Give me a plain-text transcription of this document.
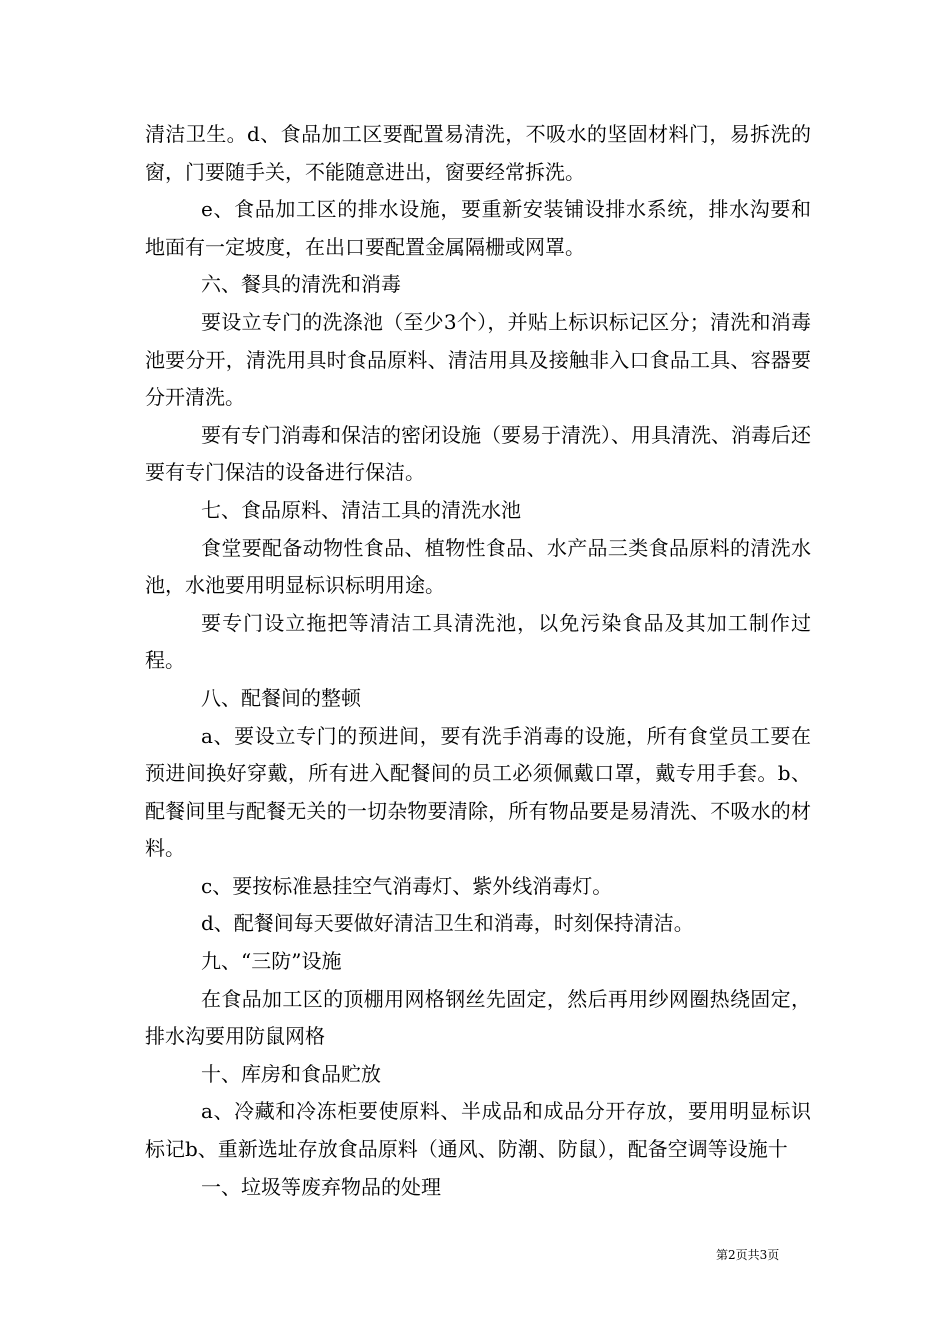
清洁卫生。d、食品加工区要配置易清洗，不吸水的坚固材料门，易拆洗的窗，门要随手关，不能随意进出，窗要经常拆洗。

e、食品加工区的排水设施，要重新安装铺设排水系统，排水沟要和地面有一定坡度，在出口要配置金属隔栅或网罩。

六、餐具的清洗和消毒

要设立专门的洗涤池（至少3个），并贴上标识标记区分；清洗和消毒池要分开，清洗用具时食品原料、清洁用具及接触非入口食品工具、容器要分开清洗。

要有专门消毒和保洁的密闭设施（要易于清洗）、用具清洗、消毒后还要有专门保洁的设备进行保洁。

七、食品原料、清洁工具的清洗水池

食堂要配备动物性食品、植物性食品、水产品三类食品原料的清洗水池，水池要用明显标识标明用途。

要专门设立拖把等清洁工具清洗池，以免污染食品及其加工制作过程。

八、配餐间的整顿

a、要设立专门的预进间，要有洗手消毒的设施，所有食堂员工要在预进间换好穿戴，所有进入配餐间的员工必须佩戴口罩，戴专用手套。b、配餐间里与配餐无关的一切杂物要清除，所有物品要是易清洗、不吸水的材料。

c、要按标准悬挂空气消毒灯、紫外线消毒灯。

d、配餐间每天要做好清洁卫生和消毒，时刻保持清洁。

九、“三防”设施

在食品加工区的顶棚用网格钢丝先固定，然后再用纱网圈热绕固定，排水沟要用防鼠网格

十、库房和食品贮放

a、冷藏和冷冻柜要使原料、半成品和成品分开存放，要用明显标识标记b、重新选址存放食品原料（通风、防潮、防鼠），配备空调等设施十

一、垃圾等废弃物品的处理

第2页共3页
